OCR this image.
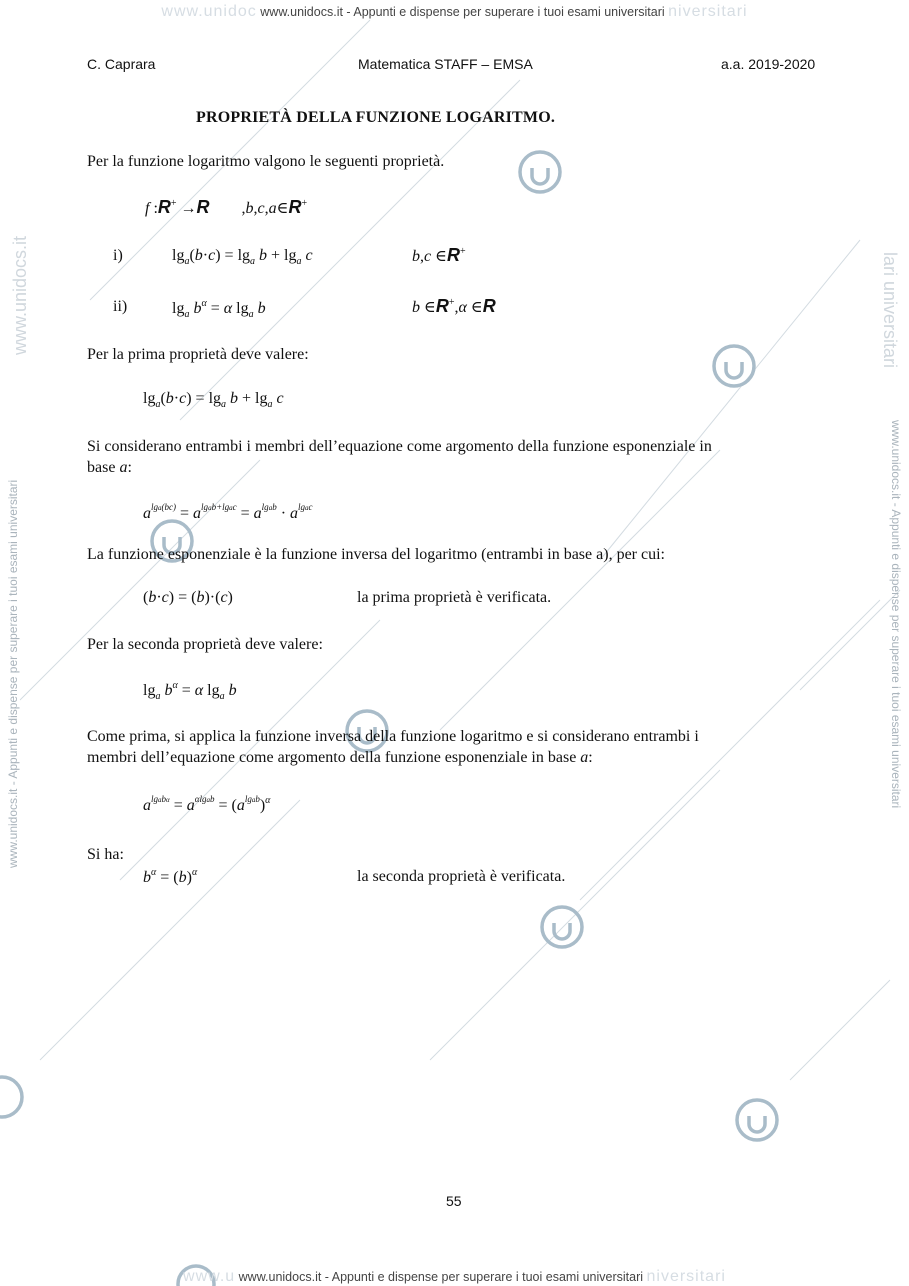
www.unidoc www.unidocs.it - Appunti e dispense per superare i tuoi esami universitari niversitari
www.u www.unidocs.it - Appunti e dispense per superare i tuoi esami universitari niversitari
www.unidocs.it - Appunti e dispense per superare i tuoi esami universitari
www.unidocs.it
www.unidocs.it - Appunti e dispense per superare i tuoi esami universitari
lari universitari
C. Caprara	Matematica STAFF – EMSA	a.a. 2019-2020
PROPRIETÀ DELLA FUNZIONE LOGARITMO.
Per la funzione logaritmo valgono le seguenti proprietà.
f :R+ →R        ,b,c,a∈R+
i)	$\lg_a(b\cdot c) = \lg_a b + \lg_a c$	b,c ∈R+
ii)	$\lg_a b^\alpha = \alpha$ $\lg_a b$	b ∈R+,α ∈R
Per la prima proprietà deve valere:
$\lg_a(b\cdot c) = \lg_a b + \lg_a c$
Si considerano entrambi i membri dell’equazione come argomento della funzione esponenziale in
base a:
$a^{lga(bc)} = a^{lgab+lgac} = a^{lgab} \cdot a^{lgac}$
La funzione esponenziale è la funzione inversa del logaritmo (entrambi in base a), per cui:
(b·c) = (b)·(c)	la prima proprietà è verificata.
Per la seconda proprietà deve valere:
$\lg_a b^\alpha = \alpha$ $\lg_a b$
Come prima, si applica la funzione inversa della funzione logaritmo e si considerano entrambi i
membri dell’equazione come argomento della funzione esponenziale in base a:
$a^{lgab\alpha} = a^{\alpha lgab} = (a^{lgab})^\alpha$
Si ha:
$b^\alpha = (b)^\alpha$	la seconda proprietà è verificata.
55
